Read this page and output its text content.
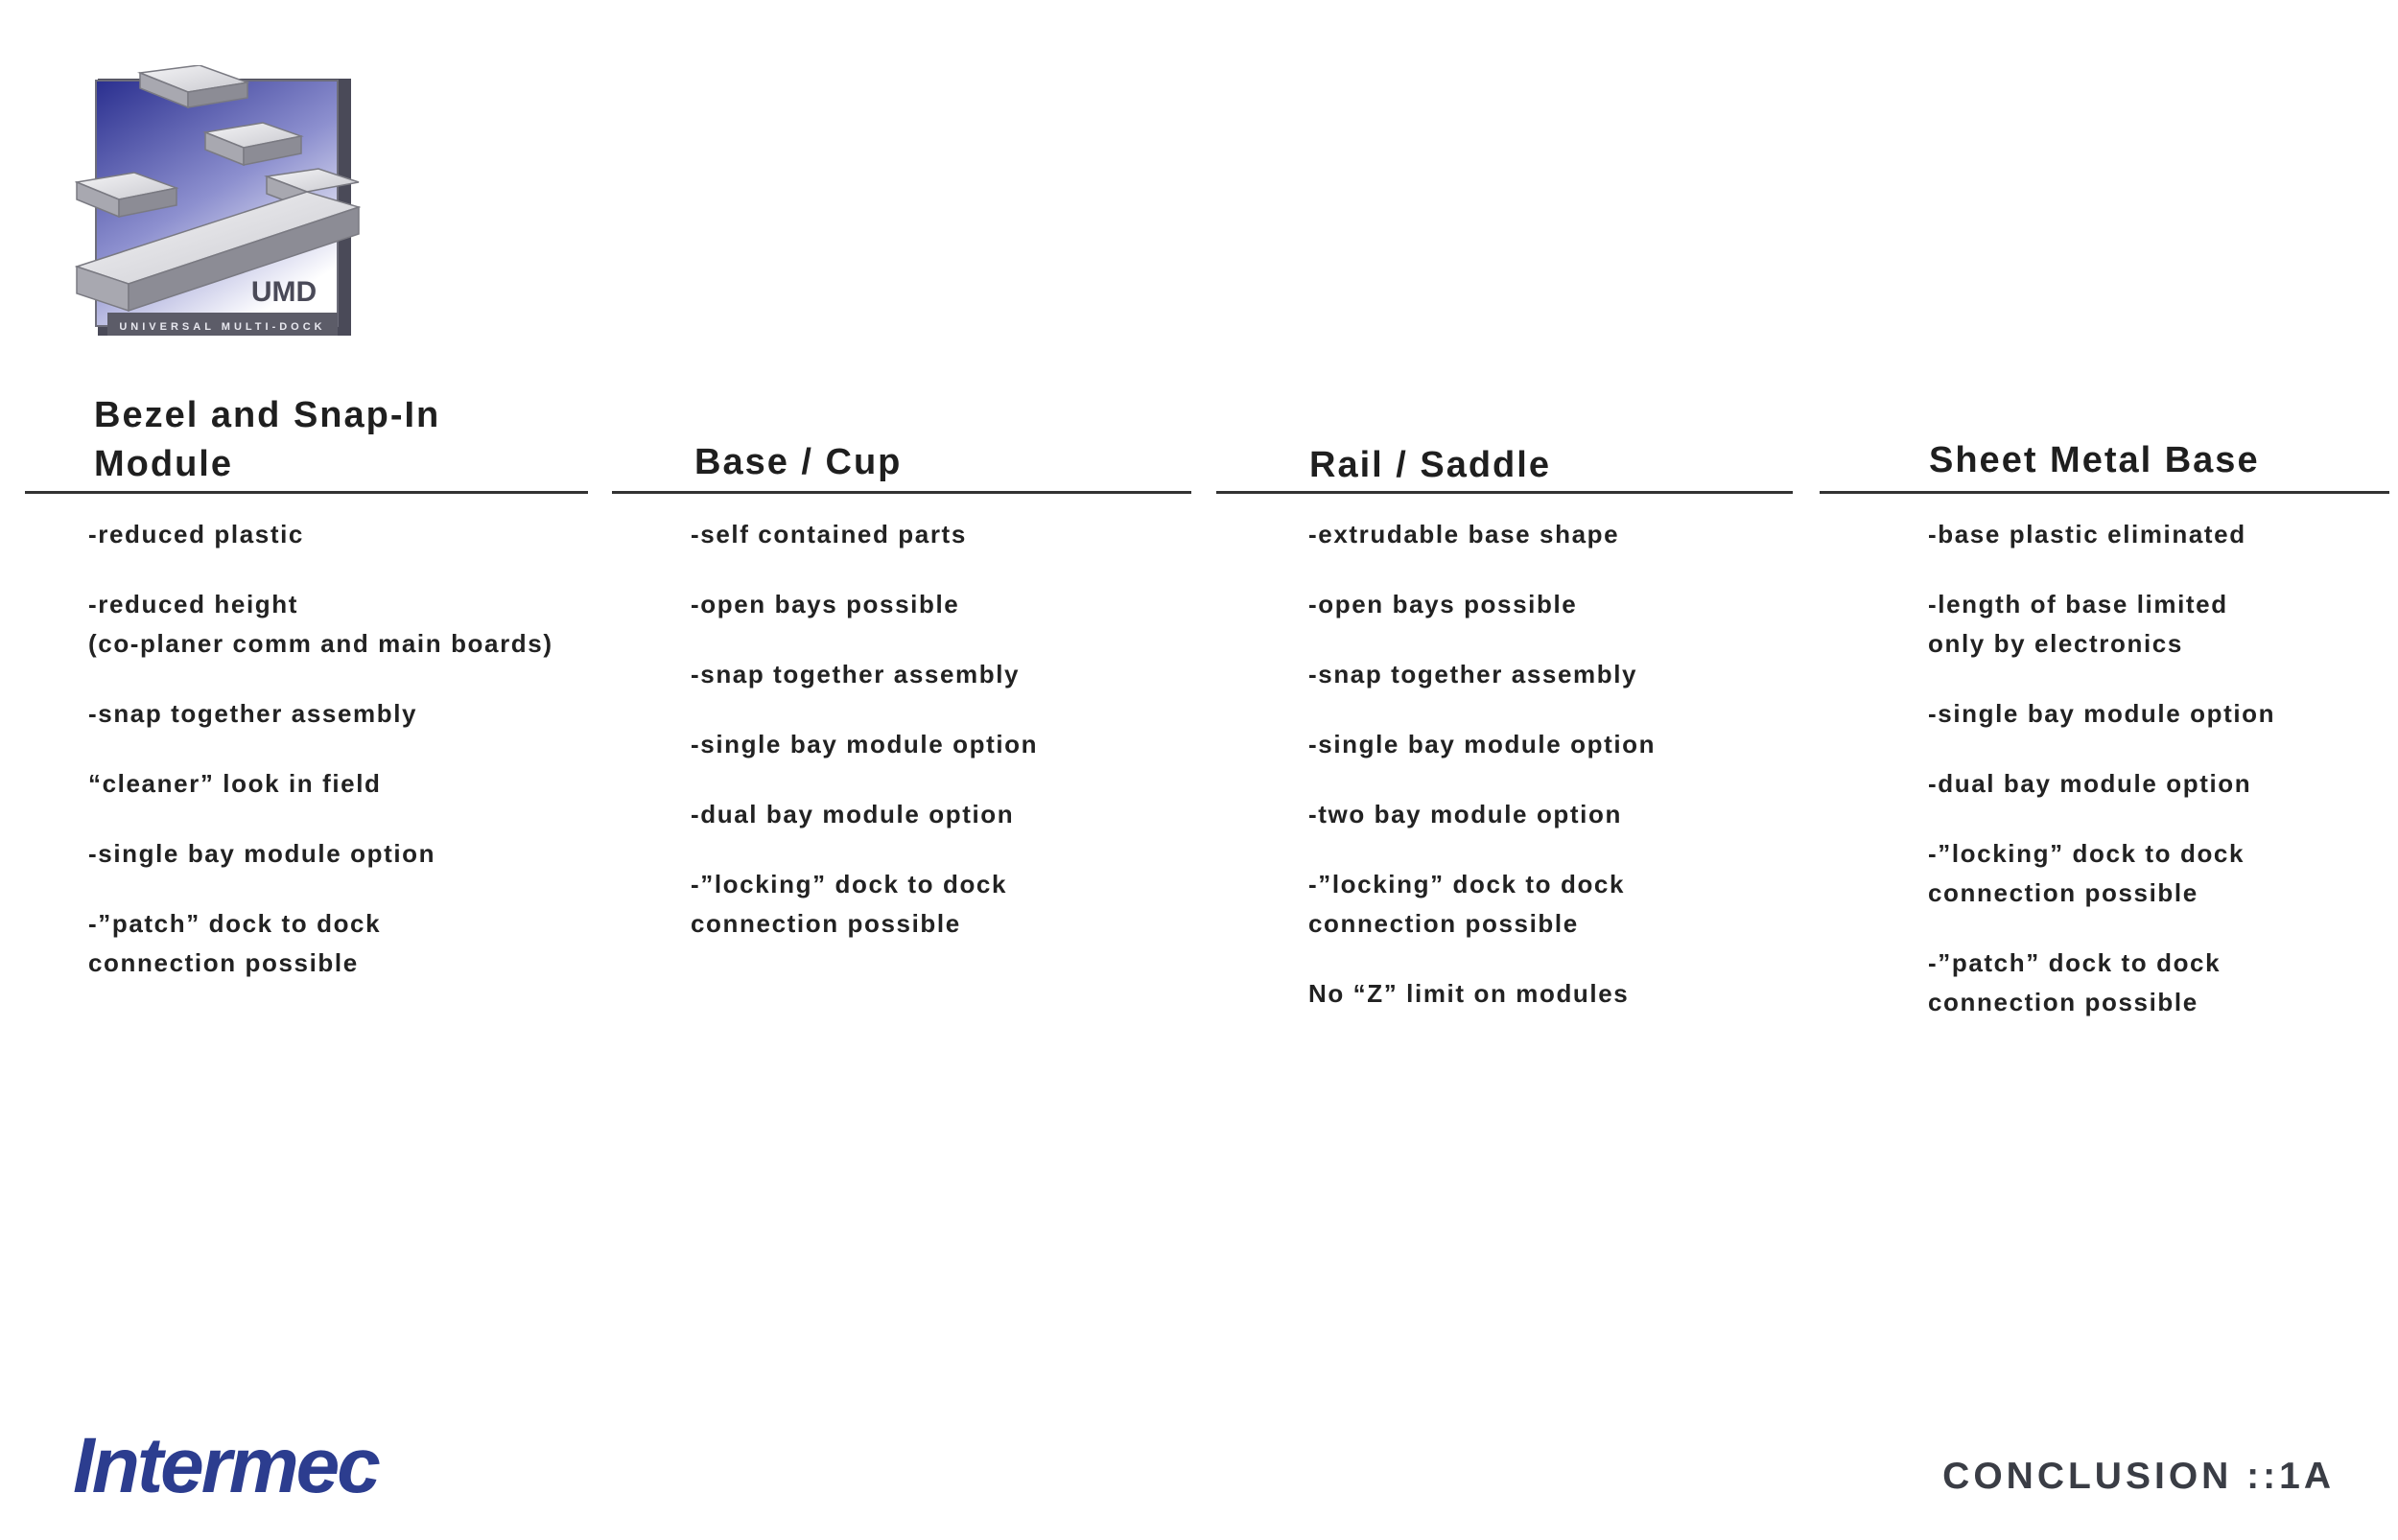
UNIVERSAL MULTI-DOCK
UMD
Bezel and Snap-In
Module
-reduced plastic
-reduced height
(co-planer comm and main boards)
-snap together assembly
“cleaner” look in field
-single bay module option
-”patch” dock to dock
connection possible
Base / Cup
-self contained parts
-open bays possible
-snap together assembly
-single bay module option
-dual bay module option
-”locking” dock to dock
connection possible
Rail / Saddle
-extrudable base shape
-open bays possible
-snap together assembly
-single bay module option
-two bay module option
-”locking” dock to dock
connection possible
No “Z” limit on modules
Sheet Metal Base
-base plastic eliminated
-length of base limited
only by electronics
-single bay module option
-dual bay module option
-”locking” dock to dock
connection possible
-”patch” dock to dock
connection possible
Intermec	CONCLUSION ::1A
